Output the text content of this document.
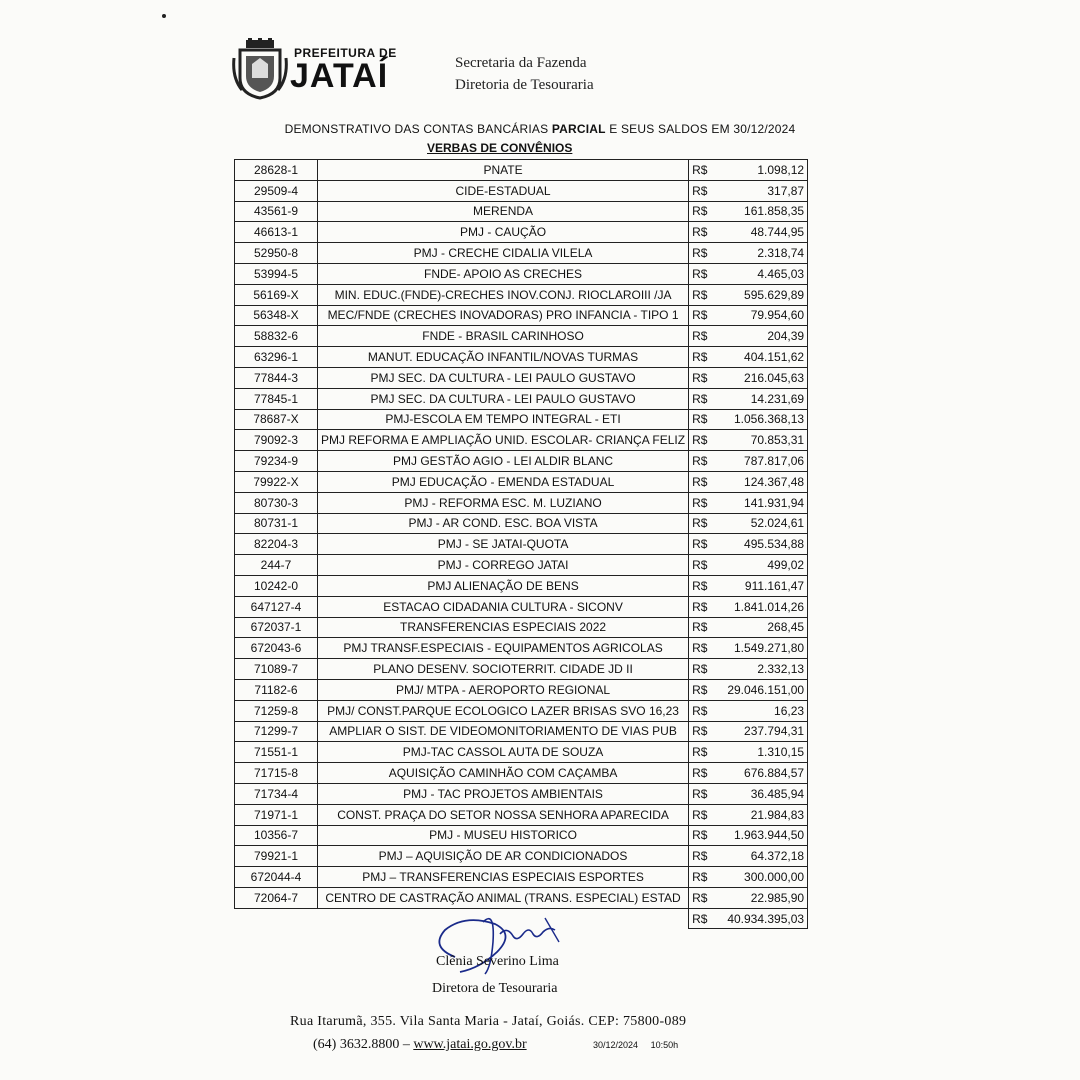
PREFEITURA DE
JATAÍ	Secretaria da Fazenda
Diretoria de Tesouraria
DEMONSTRATIVO DAS CONTAS BANCÁRIAS PARCIAL E SEUS SALDOS EM 30/12/2024
VERBAS DE CONVÊNIOS
28628-1	PNATE	R$	1.098,12
29509-4	CIDE-ESTADUAL	R$	317,87
43561-9	MERENDA	R$	161.858,35
46613-1	PMJ - CAUÇÃO	R$	48.744,95
52950-8	PMJ - CRECHE CIDALIA VILELA	R$	2.318,74
53994-5	FNDE- APOIO AS CRECHES	R$	4.465,03
56169-X	MIN. EDUC.(FNDE)-CRECHES INOV.CONJ. RIOCLAROIII /JA	R$	595.629,89
56348-X	MEC/FNDE (CRECHES INOVADORAS) PRO INFANCIA - TIPO 1	R$	79.954,60
58832-6	FNDE - BRASIL CARINHOSO	R$	204,39
63296-1	MANUT. EDUCAÇÃO INFANTIL/NOVAS TURMAS	R$	404.151,62
77844-3	PMJ SEC. DA CULTURA - LEI PAULO GUSTAVO	R$	216.045,63
77845-1	PMJ SEC. DA CULTURA - LEI PAULO GUSTAVO	R$	14.231,69
78687-X	PMJ-ESCOLA EM TEMPO INTEGRAL - ETI	R$	1.056.368,13
79092-3	PMJ REFORMA E AMPLIAÇÃO UNID. ESCOLAR- CRIANÇA FELIZ	R$	70.853,31
79234-9	PMJ GESTÃO AGIO - LEI ALDIR BLANC	R$	787.817,06
79922-X	PMJ EDUCAÇÃO - EMENDA ESTADUAL	R$	124.367,48
80730-3	PMJ - REFORMA ESC. M. LUZIANO	R$	141.931,94
80731-1	PMJ - AR COND. ESC. BOA VISTA	R$	52.024,61
82204-3	PMJ - SE JATAI-QUOTA	R$	495.534,88
244-7	PMJ - CORREGO JATAI	R$	499,02
10242-0	PMJ ALIENAÇÃO DE BENS	R$	911.161,47
647127-4	ESTACAO CIDADANIA CULTURA - SICONV	R$	1.841.014,26
672037-1	TRANSFERENCIAS ESPECIAIS 2022	R$	268,45
672043-6	PMJ TRANSF.ESPECIAIS - EQUIPAMENTOS AGRICOLAS	R$	1.549.271,80
71089-7	PLANO DESENV. SOCIOTERRIT. CIDADE JD II	R$	2.332,13
71182-6	PMJ/ MTPA - AEROPORTO REGIONAL	R$	29.046.151,00
71259-8	PMJ/ CONST.PARQUE ECOLOGICO LAZER BRISAS SVO 16,23	R$	16,23
71299-7	AMPLIAR O SIST. DE VIDEOMONITORIAMENTO DE VIAS PUB	R$	237.794,31
71551-1	PMJ-TAC CASSOL AUTA DE SOUZA	R$	1.310,15
71715-8	AQUISIÇÃO CAMINHÃO COM CAÇAMBA	R$	676.884,57
71734-4	PMJ - TAC PROJETOS AMBIENTAIS	R$	36.485,94
71971-1	CONST. PRAÇA DO SETOR NOSSA SENHORA APARECIDA	R$	21.984,83
10356-7	PMJ - MUSEU HISTORICO	R$	1.963.944,50
79921-1	PMJ – AQUISIÇÃO DE AR CONDICIONADOS	R$	64.372,18
672044-4	PMJ – TRANSFERENCIAS ESPECIAIS ESPORTES	R$	300.000,00
72064-7	CENTRO DE CASTRAÇÃO ANIMAL (TRANS. ESPECIAL) ESTAD	R$	22.985,90
		R$	40.934.395,03
Clênia Severino Lima
Diretora de Tesouraria
Rua Itarumã, 355. Vila Santa Maria - Jataí, Goiás. CEP: 75800-089
(64) 3632.8800 – www.jatai.go.gov.br	30/12/2024 10:50h
